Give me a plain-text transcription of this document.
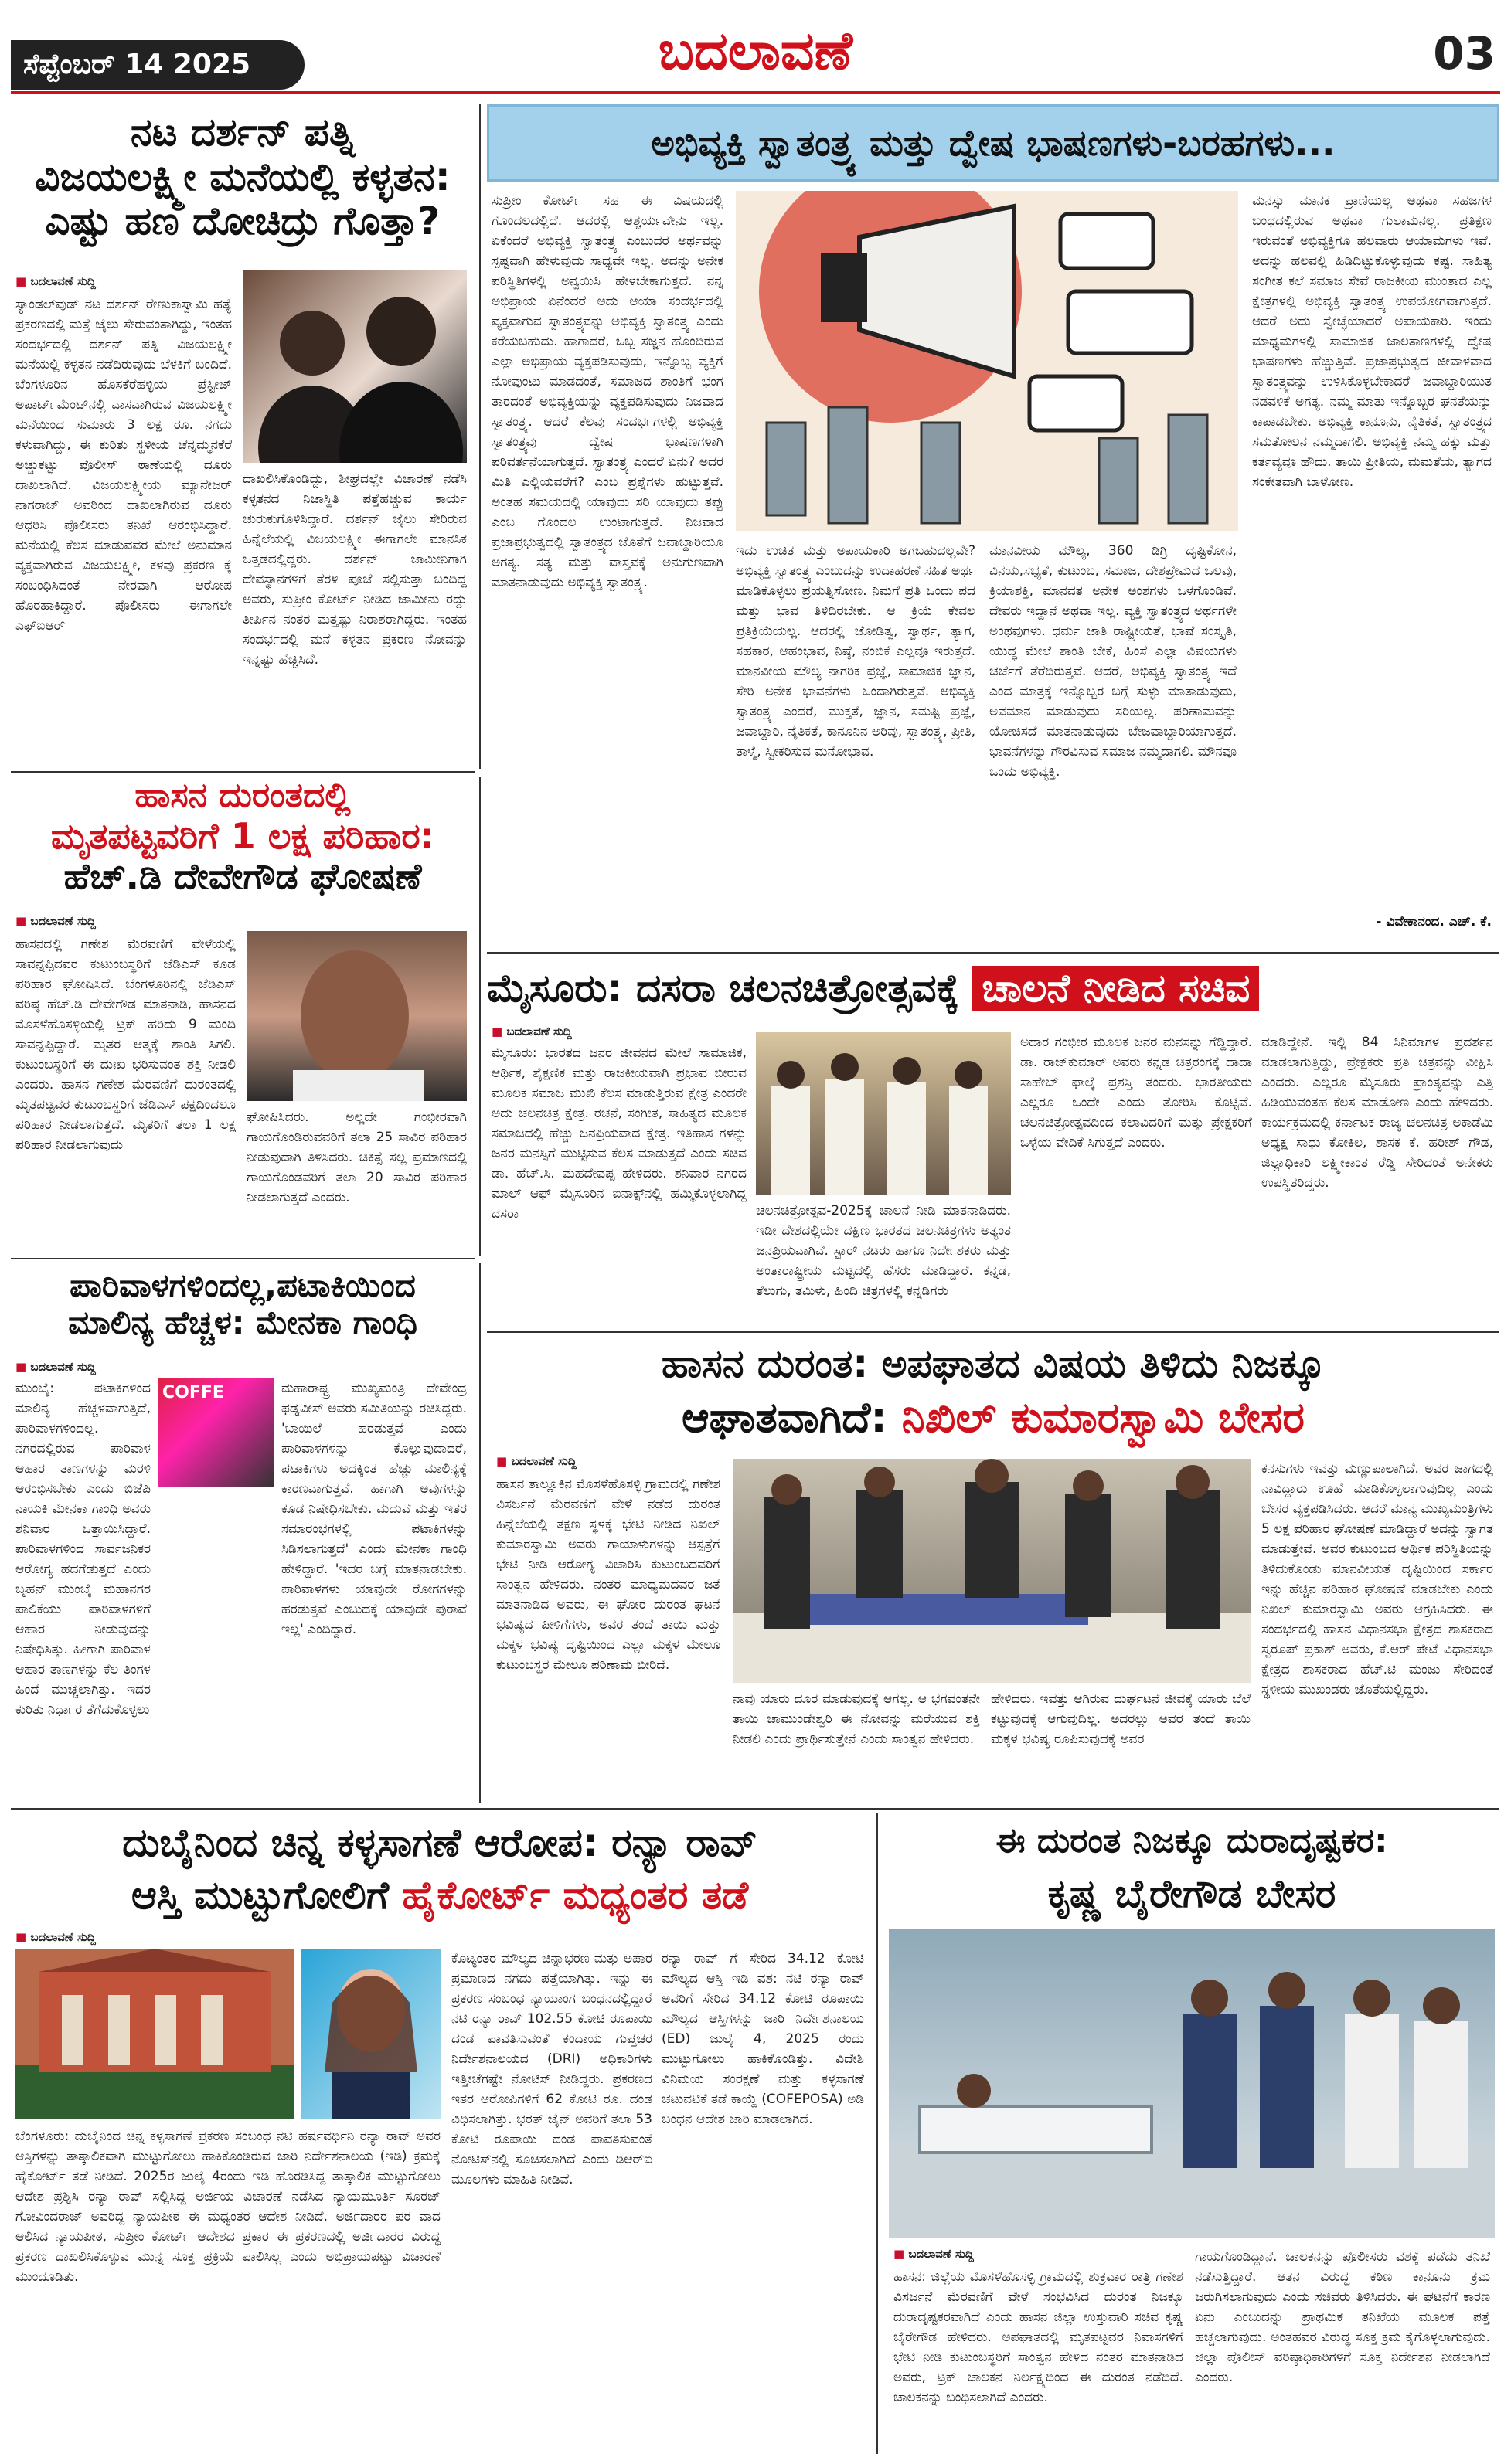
ಸೆಪ್ಟೆಂಬರ್ 14 2025	ಬದಲಾವಣೆ	03
ನಟ ದರ್ಶನ್ ಪತ್ನಿ
ವಿಜಯಲಕ್ಷ್ಮೀ ಮನೆಯಲ್ಲಿ ಕಳ್ಳತನ:
ಎಷ್ಟು ಹಣ ದೋಚಿದ್ರು ಗೊತ್ತಾ?
■ ಬದಲಾವಣೆ ಸುದ್ದಿ
ಸ್ಯಾಂಡಲ್‌ವುಡ್ ನಟ ದರ್ಶನ್ ರೇಣುಕಾಸ್ವಾಮಿ ಹತ್ಯೆ ಪ್ರಕರಣದಲ್ಲಿ ಮತ್ತೆ ಜೈಲು ಸೇರುವಂತಾಗಿದ್ದು, ಇಂತಹ ಸಂದರ್ಭದಲ್ಲಿ ದರ್ಶನ್ ಪತ್ನಿ ವಿಜಯಲಕ್ಷ್ಮೀ ಮನೆಯಲ್ಲಿ ಕಳ್ಳತನ ನಡೆದಿರುವುದು ಬೆಳಕಿಗೆ ಬಂದಿದೆ. ಬೆಂಗಳೂರಿನ ಹೊಸಕೆರೆಹಳ್ಳಿಯ ಪ್ರೆಸ್ಟೀಜ್ ಅಪಾರ್ಟ್‌ಮೆಂಟ್‌ನಲ್ಲಿ ವಾಸವಾಗಿರುವ ವಿಜಯಲಕ್ಷ್ಮೀ ಮನೆಯಿಂದ ಸುಮಾರು 3 ಲಕ್ಷ ರೂ. ನಗದು ಕಳುವಾಗಿದ್ದು, ಈ ಕುರಿತು ಸ್ಥಳೀಯ ಚೆನ್ನಮ್ಮನಕೆರೆ ಅಚ್ಚುಕಟ್ಟು ಪೊಲೀಸ್ ಠಾಣೆಯಲ್ಲಿ ದೂರು ದಾಖಲಾಗಿದೆ. ವಿಜಯಲಕ್ಷ್ಮೀಯ ಮ್ಯಾನೇಜರ್ ನಾಗರಾಜ್ ಅವರಿಂದ ದಾಖಲಾಗಿರುವ ದೂರು ಆಧರಿಸಿ ಪೊಲೀಸರು ತನಿಖೆ ಆರಂಭಿಸಿದ್ದಾರೆ. ಮನೆಯಲ್ಲಿ ಕೆಲಸ ಮಾಡುವವರ ಮೇಲೆ ಅನುಮಾನ ವ್ಯಕ್ತವಾಗಿರುವ ವಿಜಯಲಕ್ಷ್ಮೀ, ಕಳವು ಪ್ರಕರಣ ಕ್ಕೆ ಸಂಬಂಧಿಸಿದಂತೆ ನೇರವಾಗಿ ಆರೋಪ ಹೊರಹಾಕಿದ್ದಾರೆ. ಪೊಲೀಸರು ಈಗಾಗಲೇ ಎಫ್‌ಐಆರ್
ದಾಖಲಿಸಿಕೊಂಡಿದ್ದು, ಶೀಘ್ರದಲ್ಲೇ ವಿಚಾರಣೆ ನಡೆಸಿ ಕಳ್ಳತನದ ನಿಜಾಸ್ಥಿತಿ ಪತ್ತೆಹಚ್ಚುವ ಕಾರ್ಯ ಚುರುಕುಗೊಳಿಸಿದ್ದಾರೆ. ದರ್ಶನ್ ಜೈಲು ಸೇರಿರುವ ಹಿನ್ನೆಲೆಯಲ್ಲಿ ವಿಜಯಲಕ್ಷ್ಮೀ ಈಗಾಗಲೇ ಮಾನಸಿಕ ಒತ್ತಡದಲ್ಲಿದ್ದರು. ದರ್ಶನ್ ಜಾಮೀನಿಗಾಗಿ ದೇವಸ್ಥಾನಗಳಿಗೆ ತೆರಳಿ ಪೂಜೆ ಸಲ್ಲಿಸುತ್ತಾ ಬಂದಿದ್ದ ಅವರು, ಸುಪ್ರೀಂ ಕೋರ್ಟ್ ನೀಡಿದ ಜಾಮೀನು ರದ್ದು ತೀರ್ಪಿನ ನಂತರ ಮತ್ತಷ್ಟು ನಿರಾಶರಾಗಿದ್ದರು. ಇಂತಹ ಸಂದರ್ಭದಲ್ಲಿ ಮನೆ ಕಳ್ಳತನ ಪ್ರಕರಣ ನೋವನ್ನು ಇನ್ನಷ್ಟು ಹೆಚ್ಚಿಸಿದೆ.
ಹಾಸನ ದುರಂತದಲ್ಲಿ
ಮೃತಪಟ್ಟವರಿಗೆ 1 ಲಕ್ಷ ಪರಿಹಾರ:
ಹೆಚ್.ಡಿ ದೇವೇಗೌಡ ಘೋಷಣೆ
■ ಬದಲಾವಣೆ ಸುದ್ದಿ
ಹಾಸನದಲ್ಲಿ ಗಣೇಶ ಮೆರವಣಿಗೆ ವೇಳೆಯಲ್ಲಿ ಸಾವನ್ನಪ್ಪಿದವರ ಕುಟುಂಬಸ್ಥರಿಗೆ ಜೆಡಿಎಸ್ ಕೂಡ ಪರಿಹಾರ ಘೋಷಿಸಿದೆ. ಬೆಂಗಳೂರಿನಲ್ಲಿ ಜೆಡಿಎಸ್ ವರಿಷ್ಠ ಹೆಚ್.ಡಿ ದೇವೇಗೌಡ ಮಾತನಾಡಿ, ಹಾಸನದ ಮೊಸಳೆಹೊಸಳ್ಳಿಯಲ್ಲಿ ಟ್ರಕ್ ಹರಿದು 9 ಮಂದಿ ಸಾವನ್ನಪ್ಪಿದ್ದಾರೆ. ಮೃತರ ಆತ್ಮಕ್ಕೆ ಶಾಂತಿ ಸಿಗಲಿ. ಕುಟುಂಬಸ್ಥರಿಗೆ ಈ ದುಃಖ ಭರಿಸುವಂತ ಶಕ್ತಿ ನೀಡಲಿ ಎಂದರು. ಹಾಸನ ಗಣೇಶ ಮೆರವಣಿಗೆ ದುರಂತದಲ್ಲಿ ಮೃತಪಟ್ಟವರ ಕುಟುಂಬಸ್ಥರಿಗೆ ಜೆಡಿಎಸ್ ಪಕ್ಷದಿಂದಲೂ ಪರಿಹಾರ ನೀಡಲಾಗುತ್ತದೆ. ಮೃತರಿಗೆ ತಲಾ 1 ಲಕ್ಷ ಪರಿಹಾರ ನೀಡಲಾಗುವುದು
ಘೋಷಿಸಿದರು. ಅಲ್ಲದೇ ಗಂಭೀರವಾಗಿ ಗಾಯಗೊಂಡಿರುವವರಿಗೆ ತಲಾ 25 ಸಾವಿರ ಪರಿಹಾರ ನೀಡುವುದಾಗಿ ತಿಳಿಸಿದರು. ಚಿಕಿತ್ಸೆ ಸಲ್ಲ ಪ್ರಮಾಣದಲ್ಲಿ ಗಾಯಗೊಂಡವರಿಗೆ ತಲಾ 20 ಸಾವಿರ ಪರಿಹಾರ ನೀಡಲಾಗುತ್ತದೆ ಎಂದರು.
ಪಾರಿವಾಳಗಳಿಂದಲ್ಲ,ಪಟಾಕಿಯಿಂದ
ಮಾಲಿನ್ಯ ಹೆಚ್ಚಳ: ಮೇನಕಾ ಗಾಂಧಿ
■ ಬದಲಾವಣೆ ಸುದ್ದಿ
COFFE
ಮುಂಬೈ: ಪಟಾಕಿಗಳಿಂದ ಮಾಲಿನ್ಯ ಹೆಚ್ಚಳವಾಗುತ್ತಿದೆ, ಪಾರಿವಾಳಗಳಿಂದಲ್ಲ. ನಗರದಲ್ಲಿರುವ ಪಾರಿವಾಳ ಆಹಾರ ತಾಣಗಳನ್ನು ಮರಳಿ ಆರಂಭಿಸಬೇಕು ಎಂದು ಬಿಜೆಪಿ ನಾಯಕಿ ಮೇನಕಾ ಗಾಂಧಿ ಅವರು ಶನಿವಾರ ಒತ್ತಾಯಿಸಿದ್ದಾರೆ. ಪಾರಿವಾಳಗಳಿಂದ ಸಾರ್ವಜನಿಕರ ಆರೋಗ್ಯ ಹದಗೆಡುತ್ತದೆ ಎಂದು ಬೃಹನ್ ಮುಂಬೈ ಮಹಾನಗರ ಪಾಲಿಕೆಯು ಪಾರಿವಾಳಗಳಿಗೆ ಆಹಾರ ನೀಡುವುದನ್ನು ನಿಷೇಧಿಸಿತ್ತು. ಹೀಗಾಗಿ ಪಾರಿವಾಳ ಆಹಾರ ತಾಣಗಳನ್ನು ಕೆಲ ತಿಂಗಳ ಹಿಂದೆ ಮುಚ್ಚಲಾಗಿತ್ತು. ಇದರ ಕುರಿತು ನಿರ್ಧಾರ ತೆಗೆದುಕೊಳ್ಳಲು
ಮಹಾರಾಷ್ಟ್ರ ಮುಖ್ಯಮಂತ್ರಿ ದೇವೇಂದ್ರ ಫಡ್ನವೀಸ್ ಅವರು ಸಮಿತಿಯನ್ನು ರಚಿಸಿದ್ದರು. 'ಬಾಯಿಲೆ ಹರಡುತ್ತವೆ ಎಂದು ಪಾರಿವಾಳಗಳನ್ನು ಕೊಲ್ಲುವುದಾದರೆ, ಪಟಾಕಿಗಳು ಅದಕ್ಕಿಂತ ಹೆಚ್ಚು ಮಾಲಿನ್ಯಕ್ಕೆ ಕಾರಣವಾಗುತ್ತವೆ. ಹಾಗಾಗಿ ಅವುಗಳನ್ನು ಕೂಡ ನಿಷೇಧಿಸಬೇಕು. ಮದುವೆ ಮತ್ತು ಇತರ ಸಮಾರಂಭಗಳಲ್ಲಿ ಪಟಾಕಿಗಳನ್ನು ಸಿಡಿಸಲಾಗುತ್ತದೆ' ಎಂದು ಮೇನಕಾ ಗಾಂಧಿ ಹೇಳಿದ್ದಾರೆ. 'ಇದರ ಬಗ್ಗೆ ಮಾತನಾಡಬೇಕು. ಪಾರಿವಾಳಗಳು ಯಾವುದೇ ರೋಗಗಳನ್ನು ಹರಡುತ್ತವೆ ಎಂಬುದಕ್ಕೆ ಯಾವುದೇ ಪುರಾವೆ ಇಲ್ಲ' ಎಂದಿದ್ದಾರೆ.
ಅಭಿವ್ಯಕ್ತಿ ಸ್ವಾತಂತ್ರ್ಯ ಮತ್ತು ದ್ವೇಷ ಭಾಷಣಗಳು-ಬರಹಗಳು...
ಸುಪ್ರೀಂ ಕೋರ್ಟ್ ಸಹ ಈ ವಿಷಯದಲ್ಲಿ ಗೊಂದಲದಲ್ಲಿದೆ. ಆದರಲ್ಲಿ ಆಶ್ಚರ್ಯವೇನು ಇಲ್ಲ. ಏಕೆಂದರೆ ಅಭಿವ್ಯಕ್ತಿ ಸ್ವಾತಂತ್ರ್ಯ ಎಂಬುದರ ಅರ್ಥವನ್ನು ಸ್ಪಷ್ಟವಾಗಿ ಹೇಳುವುದು ಸಾಧ್ಯವೇ ಇಲ್ಲ. ಅದನ್ನು ಅನೇಕ ಪರಿಸ್ಥಿತಿಗಳಲ್ಲಿ ಅನ್ವಯಿಸಿ ಹೇಳಬೇಕಾಗುತ್ತದೆ. ನನ್ನ ಅಭಿಪ್ರಾಯ ಏನೆಂದರೆ ಅದು ಆಯಾ ಸಂದರ್ಭದಲ್ಲಿ ವ್ಯಕ್ತವಾಗುವ ಸ್ವಾತಂತ್ರ್ಯವನ್ನು ಅಭಿವ್ಯಕ್ತಿ ಸ್ವಾತಂತ್ರ್ಯ ಎಂದು ಕರೆಯಬಹುದು. ಹಾಗಾದರೆ, ಒಬ್ಬ ಸಜ್ಜನ ಹೊಂದಿರುವ ಎಲ್ಲಾ ಅಭಿಪ್ರಾಯ ವ್ಯಕ್ತಪಡಿಸುವುದು, ಇನ್ನೊಬ್ಬ ವ್ಯಕ್ತಿಗೆ ನೋವುಂಟು ಮಾಡದಂತೆ, ಸಮಾಜದ ಶಾಂತಿಗೆ ಭಂಗ ತಾರದಂತೆ ಅಭಿವ್ಯಕ್ತಿಯನ್ನು ವ್ಯಕ್ತಪಡಿಸುವುದು ನಿಜವಾದ ಸ್ವಾತಂತ್ರ್ಯ. ಆದರೆ ಕೆಲವು ಸಂದರ್ಭಗಳಲ್ಲಿ ಅಭಿವ್ಯಕ್ತಿ ಸ್ವಾತಂತ್ರ್ಯವು ದ್ವೇಷ ಭಾಷಣಗಳಾಗಿ ಪರಿವರ್ತನೆಯಾಗುತ್ತದೆ. ಸ್ವಾತಂತ್ರ್ಯ ಎಂದರೆ ಏನು? ಅದರ ಮಿತಿ ಎಲ್ಲಿಯವರೆಗೆ? ಎಂಬ ಪ್ರಶ್ನೆಗಳು ಹುಟ್ಟುತ್ತವೆ. ಅಂತಹ ಸಮಯದಲ್ಲಿ ಯಾವುದು ಸರಿ ಯಾವುದು ತಪ್ಪು ಎಂಬ ಗೊಂದಲ ಉಂಟಾಗುತ್ತದೆ. ನಿಜವಾದ ಪ್ರಜಾಪ್ರಭುತ್ವದಲ್ಲಿ ಸ್ವಾತಂತ್ರ್ಯದ ಜೊತೆಗೆ ಜವಾಬ್ದಾರಿಯೂ ಅಗತ್ಯ. ಸತ್ಯ ಮತ್ತು ವಾಸ್ತವಕ್ಕೆ ಅನುಗುಣವಾಗಿ ಮಾತನಾಡುವುದು ಅಭಿವ್ಯಕ್ತಿ ಸ್ವಾತಂತ್ರ್ಯ.
ಇದು ಉಚಿತ ಮತ್ತು ಅಪಾಯಕಾರಿ ಅಗಬಹುದಲ್ಲವೇ? ಅಭಿವ್ಯಕ್ತಿ ಸ್ವಾತಂತ್ರ್ಯ ಎಂಬುದನ್ನು ಉದಾಹರಣೆ ಸಹಿತ ಅರ್ಥ ಮಾಡಿಕೊಳ್ಳಲು ಪ್ರಯತ್ನಿಸೋಣ. ನಿಮಗೆ ಪ್ರತಿ ಒಂದು ಪದ ಮತ್ತು ಭಾವ ತಿಳಿದಿರಬೇಕು. ಆ ಕ್ರಿಯೆ ಕೇವಲ ಪ್ರತಿಕ್ರಿಯೆಯಲ್ಲ. ಆದರಲ್ಲಿ ಜೋಡಿತ್ವ, ಸ್ವಾರ್ಥ, ತ್ಯಾಗ, ಸಹಕಾರ, ಆಹಂಭಾವ, ನಿಷ್ಠೆ, ನಂಬಿಕೆ ಎಲ್ಲವೂ ಇರುತ್ತದೆ. ಮಾನವೀಯ ಮೌಲ್ಯ ನಾಗರಿಕ ಪ್ರಜ್ಞೆ, ಸಾಮಾಜಿಕ ಜ್ಞಾನ, ಸೇರಿ ಅನೇಕ ಭಾವನೆಗಳು ಒಂದಾಗಿರುತ್ತವೆ. ಅಭಿವ್ಯಕ್ತಿ ಸ್ವಾತಂತ್ರ್ಯ ಎಂದರೆ, ಮುಕ್ತತೆ, ಜ್ಞಾನ, ಸಮಷ್ಟಿ ಪ್ರಜ್ಞೆ, ಜವಾಬ್ದಾರಿ, ನೈತಿಕತೆ, ಕಾನೂನಿನ ಅರಿವು, ಸ್ವಾತಂತ್ರ್ಯ, ಪ್ರೀತಿ, ತಾಳ್ಮೆ, ಸ್ವೀಕರಿಸುವ ಮನೋಭಾವ.
ಮಾನವೀಯ ಮೌಲ್ಯ, 360 ಡಿಗ್ರಿ ದೃಷ್ಟಿಕೋನ, ವಿನಯ,ಸಭ್ಯತೆ, ಕುಟುಂಬ, ಸಮಾಜ, ದೇಶಪ್ರೇಮದ ಒಲವು, ಕ್ರಿಯಾಶಕ್ತಿ, ಮಾನವತ ಅನೇಕ ಅಂಶಗಳು ಒಳಗೊಂಡಿವೆ. ದೇವರು ಇದ್ದಾನೆ ಅಥವಾ ಇಲ್ಲ. ವ್ಯಕ್ತಿ ಸ್ವಾತಂತ್ರ್ಯದ ಅರ್ಥಗಳೇ ಅಂಥವುಗಳು. ಧರ್ಮ ಜಾತಿ ರಾಷ್ಟ್ರೀಯತೆ, ಭಾಷೆ ಸಂಸ್ಕೃತಿ, ಯುದ್ಧ ಮೇಲೆ ಶಾಂತಿ ಬೇಕೆ, ಹಿಂಸೆ ಎಲ್ಲಾ ವಿಷಯಗಳು ಚರ್ಚೆಗೆ ತೆರೆದಿರುತ್ತವೆ. ಆದರೆ, ಅಭಿವ್ಯಕ್ತಿ ಸ್ವಾತಂತ್ರ್ಯ ಇದೆ ಎಂದ ಮಾತ್ರಕ್ಕೆ ಇನ್ನೊಬ್ಬರ ಬಗ್ಗೆ ಸುಳ್ಳು ಮಾತಾಡುವುದು, ಅವಮಾನ ಮಾಡುವುದು ಸರಿಯಲ್ಲ. ಪರಿಣಾಮವನ್ನು ಯೋಚಿಸದೆ ಮಾತನಾಡುವುದು ಬೇಜವಾಬ್ದಾರಿಯಾಗುತ್ತದೆ. ಭಾವನೆಗಳನ್ನು ಗೌರವಿಸುವ ಸಮಾಜ ನಮ್ಮದಾಗಲಿ. ಮೌನವೂ ಒಂದು ಅಭಿವ್ಯಕ್ತಿ.
ಮನಸ್ಸು ಮಾನಕ ಪ್ರಾಣಿಯಲ್ಲ ಅಥವಾ ಸಹಜಗಳ ಬಂಧದಲ್ಲಿರುವ ಅಥವಾ ಗುಲಾಮನಲ್ಲ. ಪ್ರತಿಕ್ಷಣ ಇರುವಂತೆ ಅಭಿವ್ಯಕ್ತಿಗೂ ಹಲವಾರು ಆಯಾಮಗಳು ಇವೆ. ಅದನ್ನು ಹಲವಲ್ಲಿ ಹಿಡಿದಿಟ್ಟುಕೊಳ್ಳುವುದು ಕಷ್ಟ. ಸಾಹಿತ್ಯ ಸಂಗೀತ ಕಲೆ ಸಮಾಜ ಸೇವೆ ರಾಜಕೀಯ ಮುಂತಾದ ಎಲ್ಲ ಕ್ಷೇತ್ರಗಳಲ್ಲಿ ಅಭಿವ್ಯಕ್ತಿ ಸ್ವಾತಂತ್ರ್ಯ ಉಪಯೋಗವಾಗುತ್ತದೆ. ಆದರೆ ಅದು ಸ್ವೇಚ್ಛೆಯಾದರೆ ಅಪಾಯಕಾರಿ. ಇಂದು ಮಾಧ್ಯಮಗಳಲ್ಲಿ ಸಾಮಾಜಿಕ ಜಾಲತಾಣಗಳಲ್ಲಿ ದ್ವೇಷ ಭಾಷಣಗಳು ಹೆಚ್ಚುತ್ತಿವೆ. ಪ್ರಜಾಪ್ರಭುತ್ವದ ಜೀವಾಳವಾದ ಸ್ವಾತಂತ್ರ್ಯವನ್ನು ಉಳಿಸಿಕೊಳ್ಳಬೇಕಾದರೆ ಜವಾಬ್ದಾರಿಯುತ ನಡವಳಿಕೆ ಅಗತ್ಯ. ನಮ್ಮ ಮಾತು ಇನ್ನೊಬ್ಬರ ಘನತೆಯನ್ನು ಕಾಪಾಡಬೇಕು. ಅಭಿವ್ಯಕ್ತಿ ಕಾನೂನು, ನೈತಿಕತೆ, ಸ್ವಾತಂತ್ರ್ಯದ ಸಮತೋಲನ ನಮ್ಮದಾಗಲಿ. ಅಭಿವ್ಯಕ್ತಿ ನಮ್ಮ ಹಕ್ಕು ಮತ್ತು ಕರ್ತವ್ಯವೂ ಹೌದು. ತಾಯಿ ಪ್ರೀತಿಯ, ಮಮತೆಯ, ತ್ಯಾಗದ ಸಂಕೇತವಾಗಿ ಬಾಳೋಣ.
- ವಿವೇಕಾನಂದ. ಎಚ್. ಕೆ.
ಮೈಸೂರು: ದಸರಾ ಚಲನಚಿತ್ರೋತ್ಸವಕ್ಕೆ ಚಾಲನೆ ನೀಡಿದ ಸಚಿವ
■ ಬದಲಾವಣೆ ಸುದ್ದಿ
ಮೈಸೂರು: ಭಾರತದ ಜನರ ಜೀವನದ ಮೇಲೆ ಸಾಮಾಜಿಕ, ಆರ್ಥಿಕ, ಶೈಕ್ಷಣಿಕ ಮತ್ತು ರಾಜಕೀಯವಾಗಿ ಪ್ರಭಾವ ಬೀರುವ ಮೂಲಕ ಸಮಾಜ ಮುಖಿ ಕೆಲಸ ಮಾಡುತ್ತಿರುವ ಕ್ಷೇತ್ರ ಎಂದರೇ ಅದು ಚಲನಚಿತ್ರ ಕ್ಷೇತ್ರ. ರಚನೆ, ಸಂಗೀತ, ಸಾಹಿತ್ಯದ ಮೂಲಕ ಸಮಾಜದಲ್ಲಿ ಹೆಚ್ಚು ಜನಪ್ರಿಯವಾದ ಕ್ಷೇತ್ರ. ಇತಿಹಾಸ ಗಳನ್ನು ಜನರ ಮನಸ್ಸಿಗೆ ಮುಟ್ಟಿಸುವ ಕೆಲಸ ಮಾಡುತ್ತದೆ ಎಂದು ಸಚಿವ ಡಾ. ಹೆಚ್.ಸಿ. ಮಹದೇವಪ್ಪ ಹೇಳಿದರು. ಶನಿವಾರ ನಗರದ ಮಾಲ್ ಆಫ್ ಮೈಸೂರಿನ ಐನಾಕ್ಸ್‌ನಲ್ಲಿ ಹಮ್ಮಿಕೊಳ್ಳಲಾಗಿದ್ದ ದಸರಾ	ಚಲನಚಿತ್ರೋತ್ಸವ-2025ಕ್ಕೆ ಚಾಲನೆ ನೀಡಿ ಮಾತನಾಡಿದರು. ಇಡೀ ದೇಶದಲ್ಲಿಯೇ ದಕ್ಷಿಣ ಭಾರತದ ಚಲನಚಿತ್ರಗಳು ಅತ್ಯಂತ ಜನಪ್ರಿಯವಾಗಿವೆ. ಸ್ಟಾರ್ ನಟರು ಹಾಗೂ ನಿರ್ದೇಶಕರು ಮತ್ತು ಅಂತಾರಾಷ್ಟ್ರೀಯ ಮಟ್ಟದಲ್ಲಿ ಹೆಸರು ಮಾಡಿದ್ದಾರೆ. ಕನ್ನಡ, ತೆಲುಗು, ತಮಿಳು, ಹಿಂದಿ ಚಿತ್ರಗಳಲ್ಲಿ ಕನ್ನಡಿಗರು
ಅದಾರ ಗಂಭೀರ ಮೂಲಕ ಜನರ ಮನಸನ್ನು ಗೆದ್ದಿದ್ದಾರೆ. ಡಾ. ರಾಜ್‌ಕುಮಾರ್ ಅವರು ಕನ್ನಡ ಚಿತ್ರರಂಗಕ್ಕೆ ದಾದಾ ಸಾಹೇಬ್ ಫಾಲ್ಕೆ ಪ್ರಶಸ್ತಿ ತಂದರು. ಭಾರತೀಯರು ಎಲ್ಲರೂ ಒಂದೇ ಎಂದು ತೋರಿಸಿ ಕೊಟ್ಟಿವೆ. ಚಲನಚಿತ್ರೋತ್ಸವದಿಂದ ಕಲಾವಿದರಿಗೆ ಮತ್ತು ಪ್ರೇಕ್ಷಕರಿಗೆ ಒಳ್ಳೆಯ ವೇದಿಕೆ ಸಿಗುತ್ತದೆ ಎಂದರು.
ಮಾಡಿದ್ದೇನೆ. ಇಲ್ಲಿ 84 ಸಿನಿಮಾಗಳ ಪ್ರದರ್ಶನ ಮಾಡಲಾಗುತ್ತಿದ್ದು, ಪ್ರೇಕ್ಷಕರು ಪ್ರತಿ ಚಿತ್ರವನ್ನು ವೀಕ್ಷಿಸಿ ಎಂದರು. ಎಲ್ಲರೂ ಮೈಸೂರು ಪ್ರಾಂತ್ಯವನ್ನು ಎತ್ತಿ ಹಿಡಿಯುವಂತಹ ಕೆಲಸ ಮಾಡೋಣ ಎಂದು ಹೇಳಿದರು. ಕಾರ್ಯಕ್ರಮದಲ್ಲಿ ಕರ್ನಾಟಕ ರಾಜ್ಯ ಚಲನಚಿತ್ರ ಅಕಾಡೆಮಿ ಅಧ್ಯಕ್ಷ ಸಾಧು ಕೋಕಿಲ, ಶಾಸಕ ಕೆ. ಹರೀಶ್ ಗೌಡ, ಜಿಲ್ಲಾಧಿಕಾರಿ ಲಕ್ಷ್ಮೀಕಾಂತ ರೆಡ್ಡಿ ಸೇರಿದಂತೆ ಅನೇಕರು ಉಪಸ್ಥಿತರಿದ್ದರು.
ಹಾಸನ ದುರಂತ: ಅಪಘಾತದ ವಿಷಯ ತಿಳಿದು ನಿಜಕ್ಕೂ
ಆಘಾತವಾಗಿದೆ: ನಿಖಿಲ್ ಕುಮಾರಸ್ವಾಮಿ ಬೇಸರ
■ ಬದಲಾವಣೆ ಸುದ್ದಿ
ಹಾಸನ ತಾಲ್ಲೂಕಿನ ಮೊಸಳೆಹೊಸಳ್ಳಿ ಗ್ರಾಮದಲ್ಲಿ ಗಣೇಶ ವಿಸರ್ಜನೆ ಮೆರವಣಿಗೆ ವೇಳೆ ನಡೆದ ದುರಂತ ಹಿನ್ನೆಲೆಯಲ್ಲಿ ತಕ್ಷಣ ಸ್ಥಳಕ್ಕೆ ಭೇಟಿ ನೀಡಿದ ನಿಖಿಲ್ ಕುಮಾರಸ್ವಾಮಿ ಅವರು ಗಾಯಾಳುಗಳನ್ನು ಆಸ್ಪತ್ರೆಗೆ ಭೇಟಿ ನೀಡಿ ಆರೋಗ್ಯ ವಿಚಾರಿಸಿ ಕುಟುಂಬದವರಿಗೆ ಸಾಂತ್ವನ ಹೇಳಿದರು. ನಂತರ ಮಾಧ್ಯಮದವರ ಜತೆ ಮಾತನಾಡಿದ ಅವರು, ಈ ಘೋರ ದುರಂತ ಘಟನೆ ಭವಿಷ್ಯದ ಪೀಳಿಗೆಗಳು, ಅವರ ತಂದೆ ತಾಯಿ ಮತ್ತು ಮಕ್ಕಳ ಭವಿಷ್ಯ ದೃಷ್ಟಿಯಿಂದ ಎಲ್ಲಾ ಮಕ್ಕಳ ಮೇಲೂ ಕುಟುಂಬಸ್ಥರ ಮೇಲೂ ಪರಿಣಾಮ ಬೀರಿದೆ.
ನಾವು ಯಾರು ದೂರ ಮಾಡುವುದಕ್ಕೆ ಆಗಲ್ಲ. ಆ ಭಗವಂತನೇ ತಾಯಿ ಚಾಮುಂಡೇಶ್ವರಿ ಈ ನೋವನ್ನು ಮರೆಯುವ ಶಕ್ತಿ ನೀಡಲಿ ಎಂದು ಪ್ರಾರ್ಥಿಸುತ್ತೇನೆ ಎಂದು ಸಾಂತ್ವನ ಹೇಳಿದರು.
ಹೇಳಿದರು. ಇವತ್ತು ಆಗಿರುವ ದುರ್ಘಟನೆ ಜೀವಕ್ಕೆ ಯಾರು ಬೆಲೆ ಕಟ್ಟುವುದಕ್ಕೆ ಆಗುವುದಿಲ್ಲ. ಅದರಲ್ಲು ಅವರ ತಂದೆ ತಾಯಿ ಮಕ್ಕಳ ಭವಿಷ್ಯ ರೂಪಿಸುವುದಕ್ಕೆ ಅವರ
ಕನಸುಗಳು ಇವತ್ತು ಮಣ್ಣುಪಾಲಾಗಿದೆ. ಅವರ ಜಾಗದಲ್ಲಿ ನಾವಿದ್ದಾರು ಊಹೆ ಮಾಡಿಕೊಳ್ಳಲಾಗುವುದಿಲ್ಲ ಎಂದು ಬೇಸರ ವ್ಯಕ್ತಪಡಿಸಿದರು. ಆದರೆ ಮಾನ್ಯ ಮುಖ್ಯಮಂತ್ರಿಗಳು 5 ಲಕ್ಷ ಪರಿಹಾರ ಘೋಷಣೆ ಮಾಡಿದ್ದಾರೆ ಅದನ್ನು ಸ್ವಾಗತ ಮಾಡುತ್ತೇವೆ. ಅವರ ಕುಟುಂಬದ ಆರ್ಥಿಕ ಪರಿಸ್ಥಿತಿಯನ್ನು ತಿಳಿದುಕೊಂಡು ಮಾನವೀಯತೆ ದೃಷ್ಟಿಯಿಂದ ಸರ್ಕಾರ ಇನ್ನು ಹೆಚ್ಚಿನ ಪರಿಹಾರ ಘೋಷಣೆ ಮಾಡಬೇಕು ಎಂದು ನಿಖಿಲ್ ಕುಮಾರಸ್ವಾಮಿ ಅವರು ಆಗ್ರಹಿಸಿದರು. ಈ ಸಂದರ್ಭದಲ್ಲಿ ಹಾಸನ ವಿಧಾನಸಭಾ ಕ್ಷೇತ್ರದ ಶಾಸಕರಾದ ಸ್ವರೂಪ್ ಪ್ರಕಾಶ್ ಅವರು, ಕೆ.ಆರ್ ಪೇಟೆ ವಿಧಾನಸಭಾ ಕ್ಷೇತ್ರದ ಶಾಸಕರಾದ ಹೆಚ್.ಟಿ ಮಂಜು ಸೇರಿದಂತೆ ಸ್ಥಳೀಯ ಮುಖಂಡರು ಜೊತೆಯಲ್ಲಿದ್ದರು.
ದುಬೈನಿಂದ ಚಿನ್ನ ಕಳ್ಳಸಾಗಣೆ ಆರೋಪ: ರನ್ಯಾ ರಾವ್
ಆಸ್ತಿ ಮುಟ್ಟುಗೋಲಿಗೆ ಹೈಕೋರ್ಟ್ ಮಧ್ಯಂತರ ತಡೆ
■ ಬದಲಾವಣೆ ಸುದ್ದಿ
ಬೆಂಗಳೂರು: ದುಬೈನಿಂದ ಚಿನ್ನ ಕಳ್ಳಸಾಗಣೆ ಪ್ರಕರಣ ಸಂಬಂಧ ನಟಿ ಹರ್ಷವರ್ಧಿನಿ ರನ್ಯಾ ರಾವ್ ಅವರ ಆಸ್ತಿಗಳನ್ನು ತಾತ್ಕಾಲಿಕವಾಗಿ ಮುಟ್ಟುಗೋಲು ಹಾಕಿಕೊಂಡಿರುವ ಜಾರಿ ನಿರ್ದೇಶನಾಲಯ (ಇಡಿ) ಕ್ರಮಕ್ಕೆ ಹೈಕೋರ್ಟ್ ತಡೆ ನೀಡಿದೆ. 2025ರ ಜುಲೈ 4ರಂದು ಇಡಿ ಹೊರಡಿಸಿದ್ದ ತಾತ್ಕಾಲಿಕ ಮುಟ್ಟುಗೋಲು ಆದೇಶ ಪ್ರಶ್ನಿಸಿ ರನ್ಯಾ ರಾವ್ ಸಲ್ಲಿಸಿದ್ದ ಅರ್ಜಿಯ ವಿಚಾರಣೆ ನಡೆಸಿದ ನ್ಯಾಯಮೂರ್ತಿ ಸೂರಜ್ ಗೋವಿಂದರಾಜ್ ಅವರಿದ್ದ ನ್ಯಾಯಪೀಠ ಈ ಮಧ್ಯಂತರ ಆದೇಶ ನೀಡಿದೆ. ಅರ್ಜಿದಾರರ ಪರ ವಾದ ಆಲಿಸಿದ ನ್ಯಾಯಪೀಠ, ಸುಪ್ರೀಂ ಕೋರ್ಟ್ ಆದೇಶದ ಪ್ರಕಾರ ಈ ಪ್ರಕರಣದಲ್ಲಿ ಅರ್ಜಿದಾರರ ವಿರುದ್ಧ ಪ್ರಕರಣ ದಾಖಲಿಸಿಕೊಳ್ಳುವ ಮುನ್ನ ಸೂಕ್ತ ಪ್ರಕ್ರಿಯೆ ಪಾಲಿಸಿಲ್ಲ ಎಂದು ಅಭಿಪ್ರಾಯಪಟ್ಟು ವಿಚಾರಣೆ ಮುಂದೂಡಿತು.
ಕೊಟ್ಯಂತರ ಮೌಲ್ಯದ ಚಿನ್ನಾಭರಣ ಮತ್ತು ಅಪಾರ ಪ್ರಮಾಣದ ನಗದು ಪತ್ತೆಯಾಗಿತ್ತು. ಇನ್ನು ಈ ಪ್ರಕರಣ ಸಂಬಂಧ ನ್ಯಾಯಾಂಗ ಬಂಧನದಲ್ಲಿದ್ದಾರೆ ನಟಿ ರನ್ಯಾ ರಾವ್ 102.55 ಕೋಟಿ ರೂಪಾಯಿ ದಂಡ ಪಾವತಿಸುವಂತೆ ಕಂದಾಯ ಗುಪ್ತಚರ ನಿರ್ದೇಶನಾಲಯದ (DRI) ಅಧಿಕಾರಿಗಳು ಇತ್ತೀಚೆಗಷ್ಟೇ ನೋಟಿಸ್ ನೀಡಿದ್ದರು. ಪ್ರಕರಣದ ಇತರ ಆರೋಪಿಗಳಿಗೆ 62 ಕೋಟಿ ರೂ. ದಂಡ ವಿಧಿಸಲಾಗಿತ್ತು. ಭರತ್ ಜೈನ್ ಅವರಿಗೆ ತಲಾ 53 ಕೋಟಿ ರೂಪಾಯಿ ದಂಡ ಪಾವತಿಸುವಂತೆ ನೋಟಿಸ್‌ನಲ್ಲಿ ಸೂಚಿಸಲಾಗಿದೆ ಎಂದು ಡಿಆರ್‌ಐ ಮೂಲಗಳು ಮಾಹಿತಿ ನೀಡಿವೆ.
ರನ್ಯಾ ರಾವ್‌ ಗೆ ಸೇರಿದ 34.12 ಕೋಟಿ ಮೌಲ್ಯದ ಆಸ್ತಿ ಇಡಿ ವಶ: ನಟಿ ರನ್ಯಾ ರಾವ್ ಅವರಿಗೆ ಸೇರಿದ 34.12 ಕೋಟಿ ರೂಪಾಯಿ ಮೌಲ್ಯದ ಆಸ್ತಿಗಳನ್ನು ಜಾರಿ ನಿರ್ದೇಶನಾಲಯ (ED) ಜುಲೈ 4, 2025 ರಂದು ಮುಟ್ಟುಗೋಲು ಹಾಕಿಕೊಂಡಿತ್ತು. ವಿದೇಶಿ ವಿನಿಮಯ ಸಂರಕ್ಷಣೆ ಮತ್ತು ಕಳ್ಳಸಾಗಣೆ ಚಟುವಟಿಕೆ ತಡೆ ಕಾಯ್ದೆ (COFEPOSA) ಅಡಿ ಬಂಧನ ಆದೇಶ ಜಾರಿ ಮಾಡಲಾಗಿದೆ.
ಈ ದುರಂತ ನಿಜಕ್ಕೂ ದುರಾದೃಷ್ಟಕರ:
ಕೃಷ್ಣ ಬೈರೇಗೌಡ ಬೇಸರ
■ ಬದಲಾವಣೆ ಸುದ್ದಿ
ಹಾಸನ: ಜಿಲ್ಲೆಯ ಮೊಸಳೆಹೊಸಳ್ಳಿ ಗ್ರಾಮದಲ್ಲಿ ಶುಕ್ರವಾರ ರಾತ್ರಿ ಗಣೇಶ ವಿಸರ್ಜನೆ ಮೆರವಣಿಗೆ ವೇಳೆ ಸಂಭವಿಸಿದ ದುರಂತ ನಿಜಕ್ಕೂ ದುರಾದೃಷ್ಟಕರವಾಗಿದೆ ಎಂದು ಹಾಸನ ಜಿಲ್ಲಾ ಉಸ್ತುವಾರಿ ಸಚಿವ ಕೃಷ್ಣ ಬೈರೇಗೌಡ ಹೇಳಿದರು. ಅಪಘಾತದಲ್ಲಿ ಮೃತಪಟ್ಟವರ ನಿವಾಸಗಳಿಗೆ ಭೇಟಿ ನೀಡಿ ಕುಟುಂಬಸ್ಥರಿಗೆ ಸಾಂತ್ವನ ಹೇಳಿದ ನಂತರ ಮಾತನಾಡಿದ ಅವರು, ಟ್ರಕ್ ಚಾಲಕನ ನಿರ್ಲಕ್ಷ್ಯದಿಂದ ಈ ದುರಂತ ನಡೆದಿದೆ. ಚಾಲಕನನ್ನು ಬಂಧಿಸಲಾಗಿದೆ ಎಂದರು.
ಗಾಯಗೊಂಡಿದ್ದಾನೆ. ಚಾಲಕನನ್ನು ಪೊಲೀಸರು ವಶಕ್ಕೆ ಪಡೆದು ತನಿಖೆ ನಡೆಸುತ್ತಿದ್ದಾರೆ. ಆತನ ವಿರುದ್ಧ ಕಠಿಣ ಕಾನೂನು ಕ್ರಮ ಜರುಗಿಸಲಾಗುವುದು ಎಂದು ಸಚಿವರು ತಿಳಿಸಿದರು. ಈ ಘಟನೆಗೆ ಕಾರಣ ಏನು ಎಂಬುದನ್ನು ಪ್ರಾಥಮಿಕ ತನಿಖೆಯ ಮೂಲಕ ಪತ್ತೆ ಹಚ್ಚಲಾಗುವುದು. ಅಂತಹವರ ವಿರುದ್ಧ ಸೂಕ್ತ ಕ್ರಮ ಕೈಗೊಳ್ಳಲಾಗುವುದು. ಜಿಲ್ಲಾ ಪೊಲೀಸ್ ವರಿಷ್ಠಾಧಿಕಾರಿಗಳಿಗೆ ಸೂಕ್ತ ನಿರ್ದೇಶನ ನೀಡಲಾಗಿದೆ ಎಂದರು.
